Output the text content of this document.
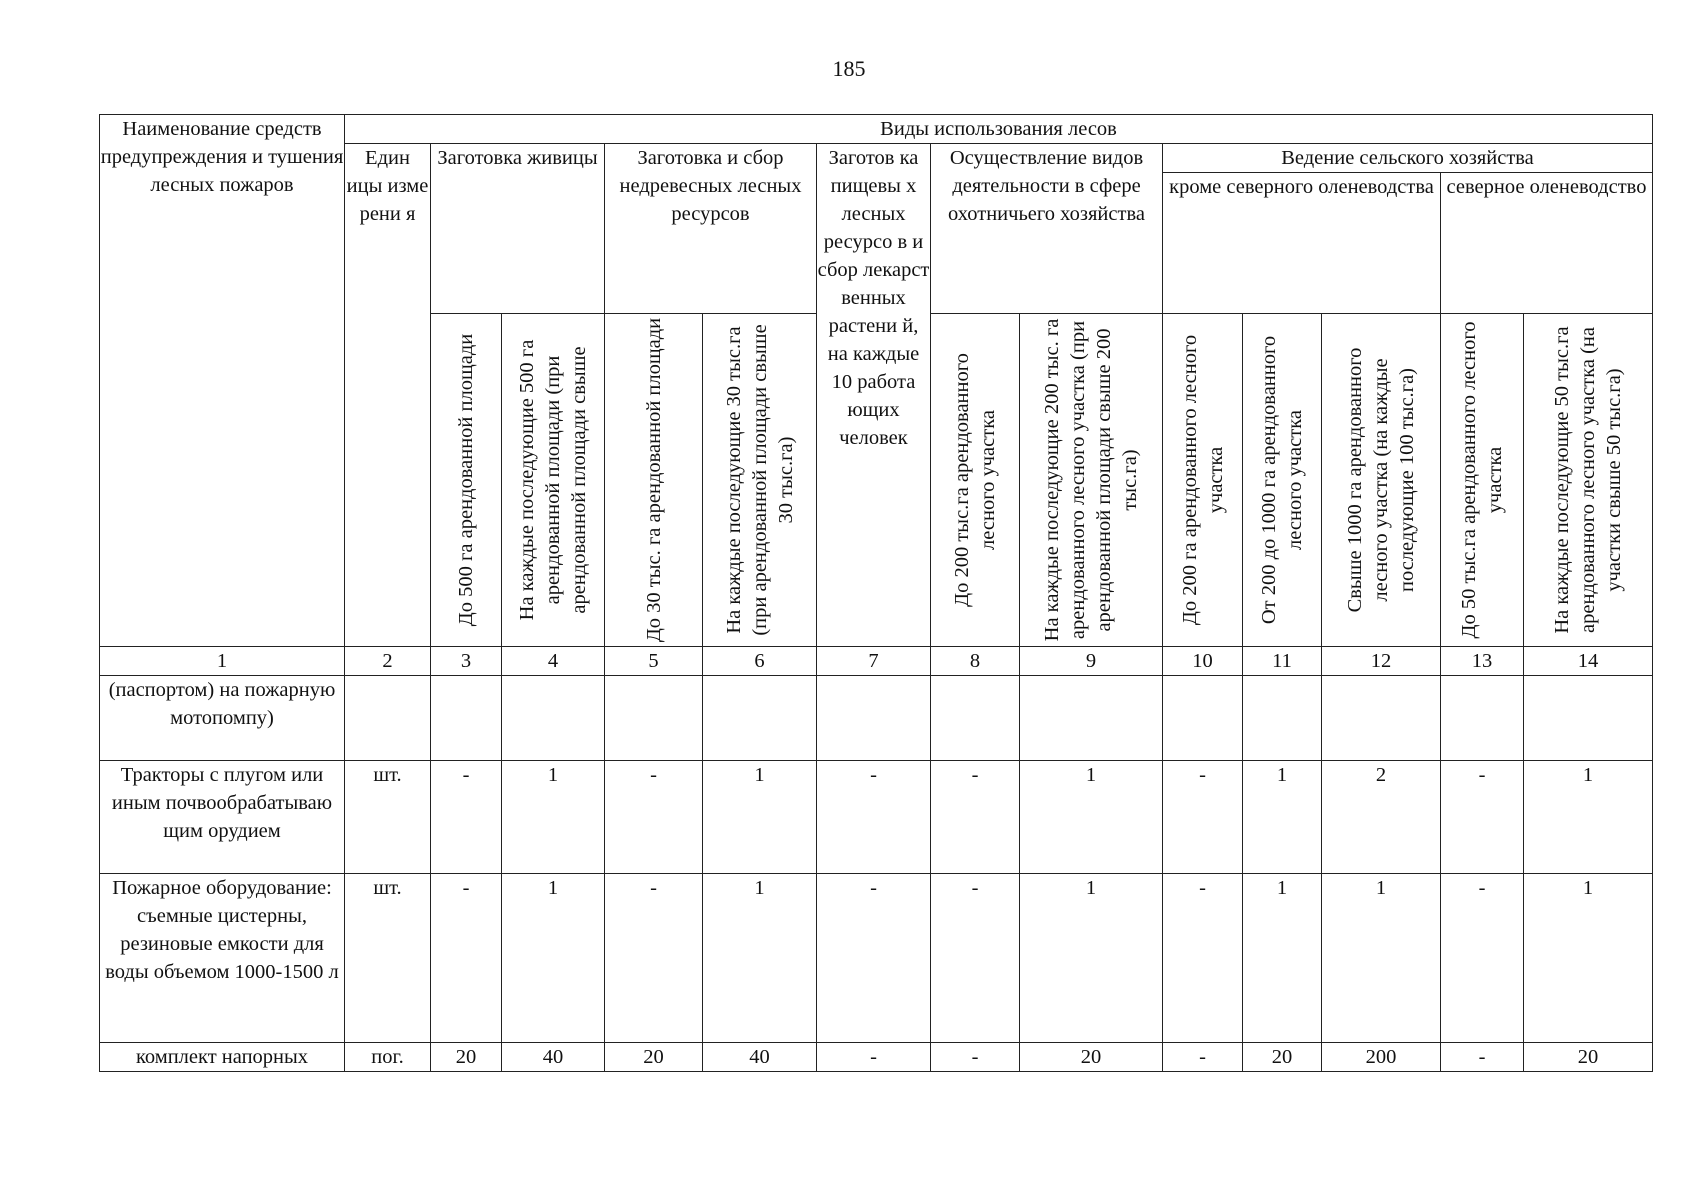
185
Наименование средств предупреждения и тушения лесных пожаров	Виды использования лесов												
	Един ицы изме рени я	Заготовка живицы		Заготовка и сбор недревесных лесных ресурсов		Заготов ка пищевы х лесных ресурсо в и сбор лекарст венных растени й, на каждые 10 работа ющих человек	Осуществление видов деятельности в сфере охотничьего хозяйства		Ведение сельского хозяйства				
									кроме северного оленеводства			северное оленеводство	

		До 500 га арендованной площади	На каждые последующие 500 га арендованной площади (при арендованной площади свыше	До 30 тыс. га арендованной площади	На каждые последующие 30 тыс.га (при арендованной площади свыше 30 тыс.га)		До 200 тыс.га арендованного лесного участка	На каждые последующие 200 тыс. га арендованного лесного участка (при арендованной площади свыше 200 тыс.га)	До 200 га арендованного лесного участка	От 200 до 1000 га арендованного лесного участка	Свыше 1000 га арендованного лесного участка (на каждые последующие 100 тыс.га)	До 50 тыс.га арендованного лесного участка	На каждые последующие 50 тыс.га арендованного лесного участка (на участки свыше 50 тыс.га)

1	2	3	4	5	6	7	8	9	10	11	12	13	14
(паспортом) на пожарную мотопомпу)													
Тракторы с плугом или иным почвообрабатываю щим орудием	шт.	-	1	-	1	-	-	1	-	1	2	-	1
Пожарное оборудование: съемные цистерны, резиновые емкости для воды объемом 1000-1500 л	шт.	-	1	-	1	-	-	1	-	1	1	-	1
комплект напорных	пог.	20	40	20	40	-	-	20	-	20	200	-	20
